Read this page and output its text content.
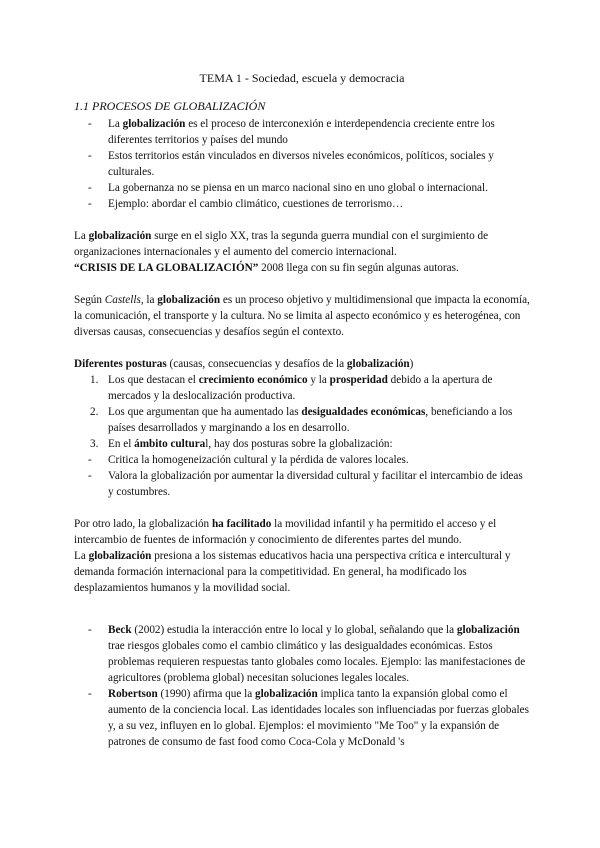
TEMA 1 - Sociedad, escuela y democracia
1.1 PROCESOS DE GLOBALIZACIÓN
- La globalización es el proceso de interconexión e interdependencia creciente entre los diferentes territorios y países del mundo
- Estos territorios están vinculados en diversos niveles económicos, políticos, sociales y culturales.
- La gobernanza no se piensa en un marco nacional sino en uno global o internacional.
- Ejemplo: abordar el cambio climático, cuestiones de terrorismo…

La globalización surge en el siglo XX, tras la segunda guerra mundial con el surgimiento de organizaciones internacionales y el aumento del comercio internacional.
“CRISIS DE LA GLOBALIZACIÓN” 2008 llega con su fin según algunas autoras.

Según Castells, la globalización es un proceso objetivo y multidimensional que impacta la economía, la comunicación, el transporte y la cultura. No se limita al aspecto económico y es heterogénea, con diversas causas, consecuencias y desafíos según el contexto.

Diferentes posturas (causas, consecuencias y desafíos de la globalización)

1. Los que destacan el crecimiento económico y la prosperidad debido a la apertura de mercados y la deslocalización productiva.
2. Los que argumentan que ha aumentado las desigualdades económicas, beneficiando a los países desarrollados y marginando a los en desarrollo.
3. En el ámbito cultural, hay dos posturas sobre la globalización:
- Critica la homogeneización cultural y la pérdida de valores locales.
- Valora la globalización por aumentar la diversidad cultural y facilitar el intercambio de ideas y costumbres.

Por otro lado, la globalización ha facilitado la movilidad infantil y ha permitido el acceso y el intercambio de fuentes de información y conocimiento de diferentes partes del mundo.
La globalización presiona a los sistemas educativos hacia una perspectiva crítica e intercultural y demanda formación internacional para la competitividad. En general, ha modificado los desplazamientos humanos y la movilidad social.

- Beck (2002) estudia la interacción entre lo local y lo global, señalando que la globalización trae riesgos globales como el cambio climático y las desigualdades económicas. Estos problemas requieren respuestas tanto globales como locales. Ejemplo: las manifestaciones de agricultores (problema global) necesitan soluciones legales locales.
- Robertson (1990) afirma que la globalización implica tanto la expansión global como el aumento de la conciencia local. Las identidades locales son influenciadas por fuerzas globales y, a su vez, influyen en lo global. Ejemplos: el movimiento "Me Too" y la expansión de patrones de consumo de fast food como Coca-Cola y McDonald 's
